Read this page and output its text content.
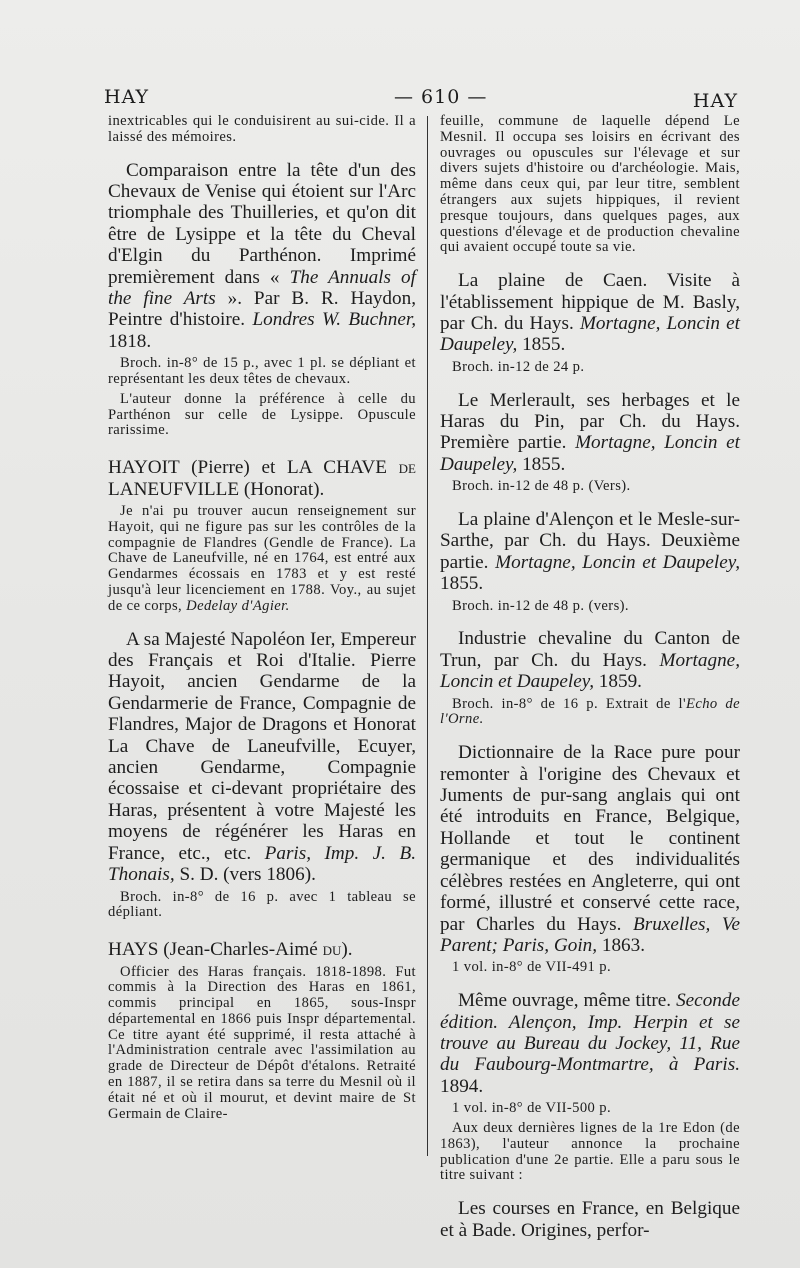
HAY	— 610 —	HAY

inextricables qui le conduisirent au sui-cide. Il a laissé des mémoires.

Comparaison entre la tête d'un des Chevaux de Venise qui étoient sur l'Arc triomphale des Thuilleries, et qu'on dit être de Lysippe et la tête du Cheval d'Elgin du Parthénon. Imprimé premièrement dans « The Annuals of the fine Arts ». Par B. R. Haydon, Peintre d'histoire. Londres W. Buchner, 1818.

Broch. in-8° de 15 p., avec 1 pl. se dépliant et représentant les deux têtes de chevaux.

L'auteur donne la préférence à celle du Parthénon sur celle de Lysippe. Opuscule rarissime.

HAYOIT (Pierre) et LA CHAVE de LANEUFVILLE (Honorat).

Je n'ai pu trouver aucun renseignement sur Hayoit, qui ne figure pas sur les contrôles de la compagnie de Flandres (Gendle de France). La Chave de Laneufville, né en 1764, est entré aux Gendarmes écossais en 1783 et y est resté jusqu'à leur licenciement en 1788. Voy., au sujet de ce corps, Dedelay d'Agier.

A sa Majesté Napoléon Ier, Empereur des Français et Roi d'Italie. Pierre Hayoit, ancien Gendarme de la Gendarmerie de France, Compagnie de Flandres, Major de Dragons et Honorat La Chave de Laneufville, Ecuyer, ancien Gendarme, Compagnie écossaise et ci-devant propriétaire des Haras, présentent à votre Majesté les moyens de régénérer les Haras en France, etc., etc. Paris, Imp. J. B. Thonais, S. D. (vers 1806).

Broch. in-8° de 16 p. avec 1 tableau se dépliant.

HAYS (Jean-Charles-Aimé du).

Officier des Haras français. 1818-1898. Fut commis à la Direction des Haras en 1861, commis principal en 1865, sous-Inspr départemental en 1866 puis Inspr départemental. Ce titre ayant été supprimé, il resta attaché à l'Administration centrale avec l'assimilation au grade de Directeur de Dépôt d'étalons. Retraité en 1887, il se retira dans sa terre du Mesnil où il était né et où il mourut, et devint maire de St Germain de Claire-

feuille, commune de laquelle dépend Le Mesnil. Il occupa ses loisirs en écrivant des ouvrages ou opuscules sur l'élevage et sur divers sujets d'histoire ou d'archéologie. Mais, même dans ceux qui, par leur titre, semblent étrangers aux sujets hippiques, il revient presque toujours, dans quelques pages, aux questions d'élevage et de production chevaline qui avaient occupé toute sa vie.

La plaine de Caen. Visite à l'établissement hippique de M. Basly, par Ch. du Hays. Mortagne, Loncin et Daupeley, 1855.

Broch. in-12 de 24 p.

Le Merlerault, ses herbages et le Haras du Pin, par Ch. du Hays. Première partie. Mortagne, Loncin et Daupeley, 1855.

Broch. in-12 de 48 p. (Vers).

La plaine d'Alençon et le Mesle-sur-Sarthe, par Ch. du Hays. Deuxième partie. Mortagne, Loncin et Daupeley, 1855.

Broch. in-12 de 48 p. (vers).

Industrie chevaline du Canton de Trun, par Ch. du Hays. Mortagne, Loncin et Daupeley, 1859.

Broch. in-8° de 16 p. Extrait de l'Echo de l'Orne.

Dictionnaire de la Race pure pour remonter à l'origine des Chevaux et Juments de pur-sang anglais qui ont été introduits en France, Belgique, Hollande et tout le continent germanique et des individualités célèbres restées en Angleterre, qui ont formé, illustré et conservé cette race, par Charles du Hays. Bruxelles, Ve Parent; Paris, Goin, 1863.

1 vol. in-8° de VII-491 p.

Même ouvrage, même titre. Seconde édition. Alençon, Imp. Herpin et se trouve au Bureau du Jockey, 11, Rue du Faubourg-Montmartre, à Paris. 1894.

1 vol. in-8° de VII-500 p.

Aux deux dernières lignes de la 1re Edon (de 1863), l'auteur annonce la prochaine publication d'une 2e partie. Elle a paru sous le titre suivant :

Les courses en France, en Belgique et à Bade. Origines, perfor-
